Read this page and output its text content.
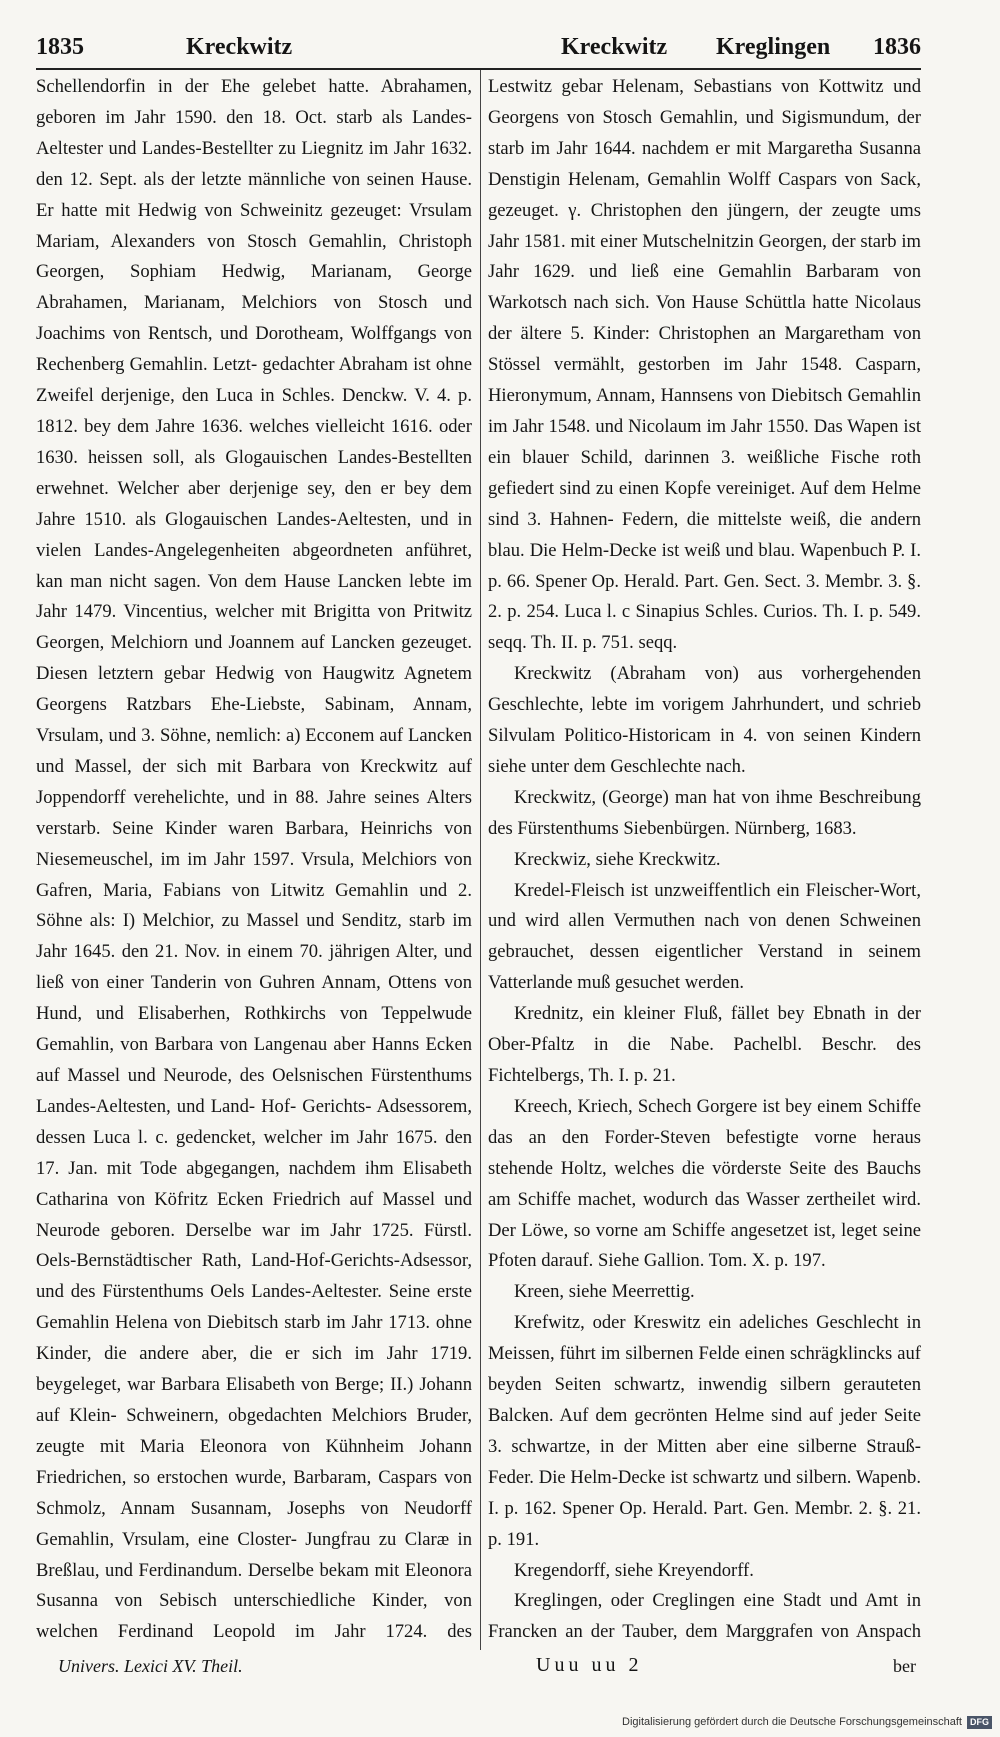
1835	Kreckwitz	Kreckwitz Kreglingen 1836

Schellendorfin in der Ehe gelebet hatte. Abrahamen, geboren im Jahr 1590. den 18. Oct. starb als Landes-Aeltester und Landes-Bestellter zu Liegnitz im Jahr 1632. den 12. Sept. als der letzte männliche von seinen Hause. Er hatte mit Hedwig von Schweinitz gezeuget: Vrsulam Mariam, Alexanders von Stosch Gemahlin, Christoph Georgen, Sophiam Hedwig, Marianam, George Abrahamen, Marianam, Melchiors von Stosch und Joachims von Rentsch, und Dorotheam, Wolffgangs von Rechenberg Gemahlin. Letzt- gedachter Abraham ist ohne Zweifel derjenige, den Luca in Schles. Denckw. V. 4. p. 1812. bey dem Jahre 1636. welches vielleicht 1616. oder 1630. heissen soll, als Glogauischen Landes-Bestellten erwehnet. Welcher aber derjenige sey, den er bey dem Jahre 1510. als Glogauischen Landes-Aeltesten, und in vielen Landes-Angelegenheiten abgeordneten anführet, kan man nicht sagen. Von dem Hause Lancken lebte im Jahr 1479. Vincentius, welcher mit Brigitta von Pritwitz Georgen, Melchiorn und Joannem auf Lancken gezeuget. Diesen letztern gebar Hedwig von Haugwitz Agnetem Georgens Ratzbars Ehe-Liebste, Sabinam, Annam, Vrsulam, und 3. Söhne, nemlich: a) Ecconem auf Lancken und Massel, der sich mit Barbara von Kreckwitz auf Joppendorff verehelichte, und in 88. Jahre seines Alters verstarb. Seine Kinder waren Barbara, Heinrichs von Niesemeuschel, im im Jahr 1597. Vrsula, Melchiors von Gafren, Maria, Fabians von Litwitz Gemahlin und 2. Söhne als: I) Melchior, zu Massel und Senditz, starb im Jahr 1645. den 21. Nov. in einem 70. jährigen Alter, und ließ von einer Tanderin von Guhren Annam, Ottens von Hund, und Elisaberhen, Rothkirchs von Teppelwude Gemahlin, von Barbara von Langenau aber Hanns Ecken auf Massel und Neurode, des Oelsnischen Fürstenthums Landes-Aeltesten, und Land- Hof- Gerichts- Adsessorem, dessen Luca l. c. gedencket, welcher im Jahr 1675. den 17. Jan. mit Tode abgegangen, nachdem ihm Elisabeth Catharina von Köfritz Ecken Friedrich auf Massel und Neurode geboren. Derselbe war im Jahr 1725. Fürstl. Oels-Bernstädtischer Rath, Land-Hof-Gerichts-Adsessor, und des Fürstenthums Oels Landes-Aeltester. Seine erste Gemahlin Helena von Diebitsch starb im Jahr 1713. ohne Kinder, die andere aber, die er sich im Jahr 1719. beygeleget, war Barbara Elisabeth von Berge; II.) Johann auf Klein- Schweinern, obgedachten Melchiors Bruder, zeugte mit Maria Eleonora von Kühnheim Johann Friedrichen, so erstochen wurde, Barbaram, Caspars von Schmolz, Annam Susannam, Josephs von Neudorff Gemahlin, Vrsulam, eine Closter- Jungfrau zu Claræ in Breßlau, und Ferdinandum. Derselbe bekam mit Eleonora Susanna von Sebisch unterschiedliche Kinder, von welchen Ferdinand Leopold im Jahr 1724. des

Lestwitz gebar Helenam, Sebastians von Kottwitz und Georgens von Stosch Gemahlin, und Sigismundum, der starb im Jahr 1644. nachdem er mit Margaretha Susanna Denstigin Helenam, Gemahlin Wolff Caspars von Sack, gezeuget. γ. Christophen den jüngern, der zeugte ums Jahr 1581. mit einer Mutschelnitzin Georgen, der starb im Jahr 1629. und ließ eine Gemahlin Barbaram von Warkotsch nach sich. Von Hause Schüttla hatte Nicolaus der ältere 5. Kinder: Christophen an Margaretham von Stössel vermählt, gestorben im Jahr 1548. Casparn, Hieronymum, Annam, Hannsens von Diebitsch Gemahlin im Jahr 1548. und Nicolaum im Jahr 1550. Das Wapen ist ein blauer Schild, darinnen 3. weißliche Fische roth gefiedert sind zu einen Kopfe vereiniget. Auf dem Helme sind 3. Hahnen- Federn, die mittelste weiß, die andern blau. Die Helm-Decke ist weiß und blau. Wapenbuch P. I. p. 66. Spener Op. Herald. Part. Gen. Sect. 3. Membr. 3. §. 2. p. 254. Luca l. c Sinapius Schles. Curios. Th. I. p. 549. seqq. Th. II. p. 751. seqq.

Kreckwitz (Abraham von) aus vorhergehenden Geschlechte, lebte im vorigem Jahrhundert, und schrieb Silvulam Politico-Historicam in 4. von seinen Kindern siehe unter dem Geschlechte nach.

Kreckwitz, (George) man hat von ihme Beschreibung des Fürstenthums Siebenbürgen. Nürnberg, 1683.

Kreckwiz, siehe Kreckwitz.

Kredel-Fleisch ist unzweiffentlich ein Fleischer-Wort, und wird allen Vermuthen nach von denen Schweinen gebrauchet, dessen eigentlicher Verstand in seinem Vatterlande muß gesuchet werden.

Krednitz, ein kleiner Fluß, fället bey Ebnath in der Ober-Pfaltz in die Nabe. Pachelbl. Beschr. des Fichtelbergs, Th. I. p. 21.

Kreech, Kriech, Schech Gorgere ist bey einem Schiffe das an den Forder-Steven befestigte vorne heraus stehende Holtz, welches die vörderste Seite des Bauchs am Schiffe machet, wodurch das Wasser zertheilet wird. Der Löwe, so vorne am Schiffe angesetzet ist, leget seine Pfoten darauf. Siehe Gallion. Tom. X. p. 197.

Kreen, siehe Meerrettig.

Krefwitz, oder Kreswitz ein adeliches Geschlecht in Meissen, führt im silbernen Felde einen schrägklincks auf beyden Seiten schwartz, inwendig silbern gerauteten Balcken. Auf dem gecrönten Helme sind auf jeder Seite 3. schwartze, in der Mitten aber eine silberne Strauß-Feder. Die Helm-Decke ist schwartz und silbern. Wapenb. I. p. 162. Spener Op. Herald. Part. Gen. Membr. 2. §. 21. p. 191.

Kregendorff, siehe Kreyendorff.

Kreglingen, oder Creglingen eine Stadt und Amt in Francken an der Tauber, dem Marggrafen von Anspach

Univers. Lexici XV. Theil.	Uuu uu 2	ber
Digitalisierung gefördert durch die Deutsche Forschungsgemeinschaft DFG
